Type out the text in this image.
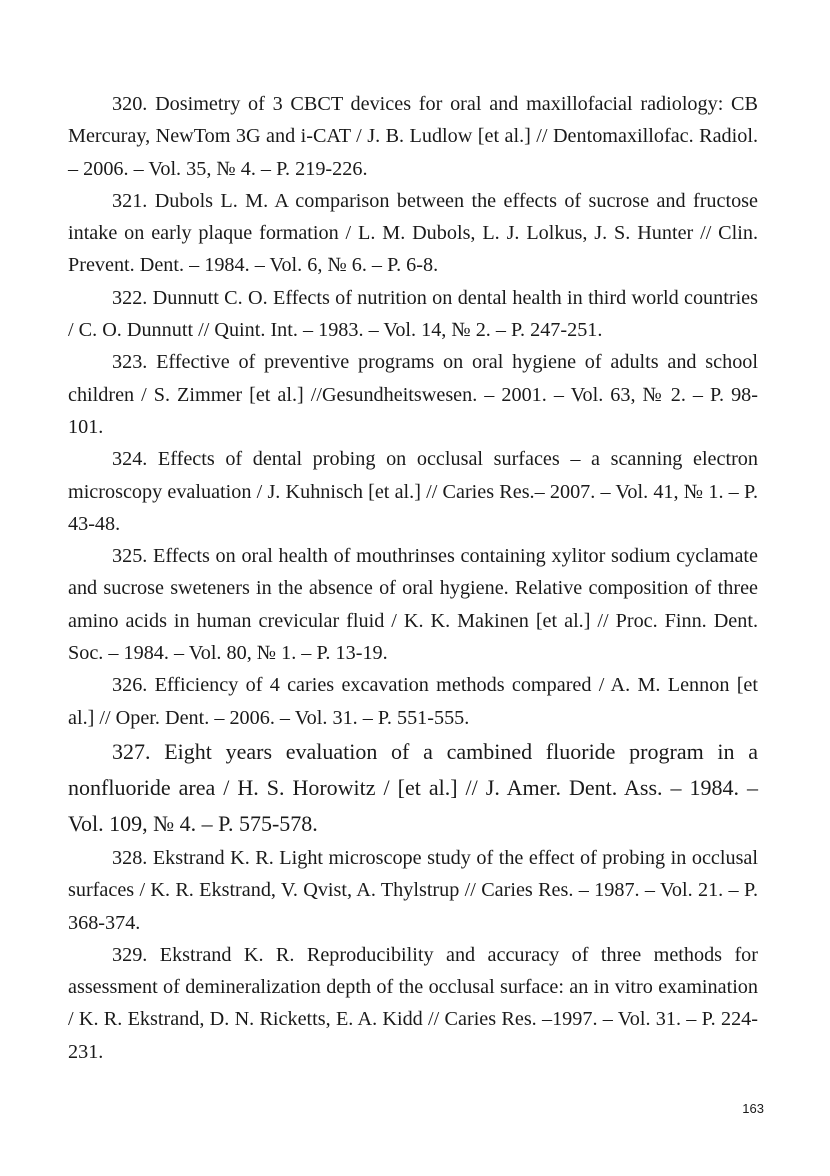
320. Dosimetry of 3 CBCT devices for oral and maxillofacial radiology: CB Mercuray, NewTom 3G and i-CAT / J. B. Ludlow [et al.] // Dentomaxillofac. Radiol. – 2006. – Vol. 35, № 4. – P. 219-226.

321. Dubols L. M. A comparison between the effects of sucrose and fructose intake on early plaque formation / L. M. Dubols, L. J. Lolkus, J. S. Hunter // Clin. Prevent. Dent. – 1984. – Vol. 6, № 6. – P. 6-8.

322. Dunnutt C. O. Effects of nutrition on dental health in third world countries / C. O. Dunnutt // Quint. Int. – 1983. – Vol. 14, № 2. – P. 247-251.

323. Effective of preventive programs on oral hygiene of adults and school children / S. Zimmer [et al.] //Gesundheitswesen. – 2001. – Vol. 63, № 2. – P. 98-101.

324. Effects of dental probing on occlusal surfaces – a scanning electron microscopy evaluation / J. Kuhnisch [et al.] // Caries Res.– 2007. – Vol. 41, № 1. – P. 43-48.

325. Effects on oral health of mouthrinses containing xylitor sodium cyclamate and sucrose sweteners in the absence of oral hygiene. Relative composition of three amino acids in human crevicular fluid / K. K. Makinen [et al.] // Proc. Finn. Dent. Soc. – 1984. – Vol. 80, № 1. – P. 13-19.

326. Efficiency of 4 caries excavation methods compared / A. M. Lennon [et al.] // Oper. Dent. – 2006. – Vol. 31. – P. 551-555.

327. Eight years evaluation of a cambined fluoride program in a nonfluoride area / H. S. Horowitz / [et al.] // J. Amer. Dent. Ass. – 1984. – Vol. 109, № 4. – P. 575-578.

328. Ekstrand K. R. Light microscope study of the effect of probing in occlusal surfaces / K. R. Ekstrand, V. Qvist, A. Thylstrup // Caries Res. – 1987. – Vol. 21. – P. 368-374.

329. Ekstrand K. R. Reproducibility and accuracy of three methods for assessment of demineralization depth of the occlusal surface: an in vitro examination / K. R. Ekstrand, D. N. Ricketts, E. A. Kidd // Caries Res. –1997. – Vol. 31. – P. 224-231.

163
